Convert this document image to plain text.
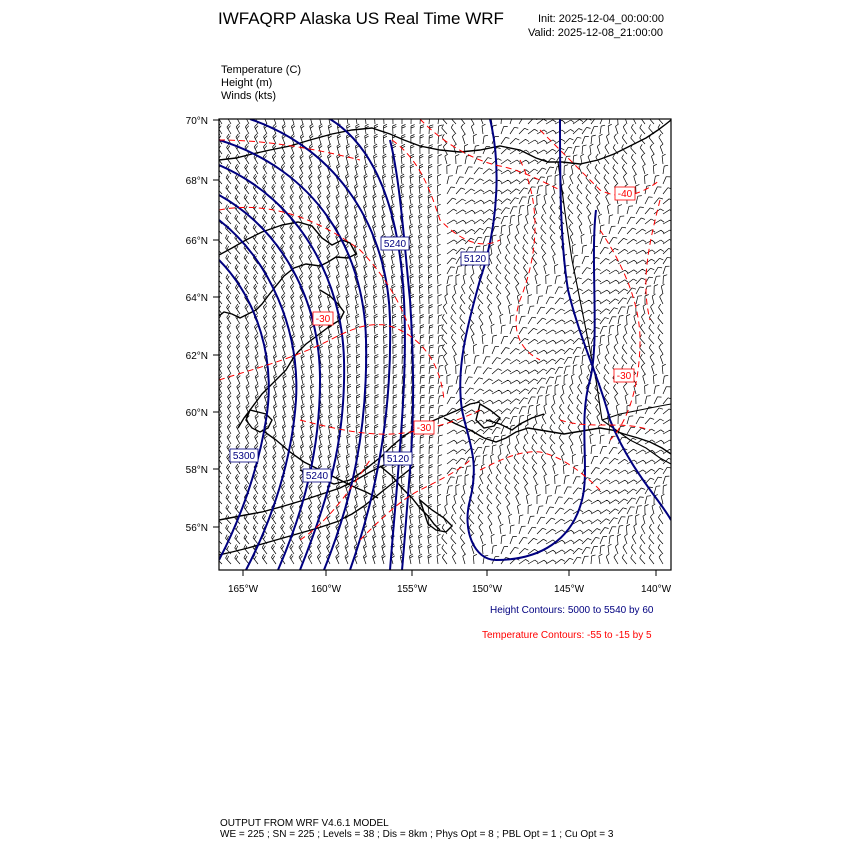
IWFAQRP Alaska US Real Time WRF	Init: 2025-12-04_00:00:00
Valid: 2025-12-08_21:00:00
Temperature (C)
Height (m)
Winds (kts)
5240
5120
5300
5240
5120
-40
-30
-30
-30
70°N
68°N
66°N
64°N
62°N
60°N
58°N
56°N
165°W	160°W	155°W	150°W	145°W	140°W
Height Contours: 5000 to 5540 by 60
Temperature Contours: -55 to -15 by 5
OUTPUT FROM WRF V4.6.1 MODEL
WE = 225 ; SN = 225 ; Levels = 38 ; Dis = 8km ; Phys Opt = 8 ; PBL Opt = 1 ; Cu Opt = 3
